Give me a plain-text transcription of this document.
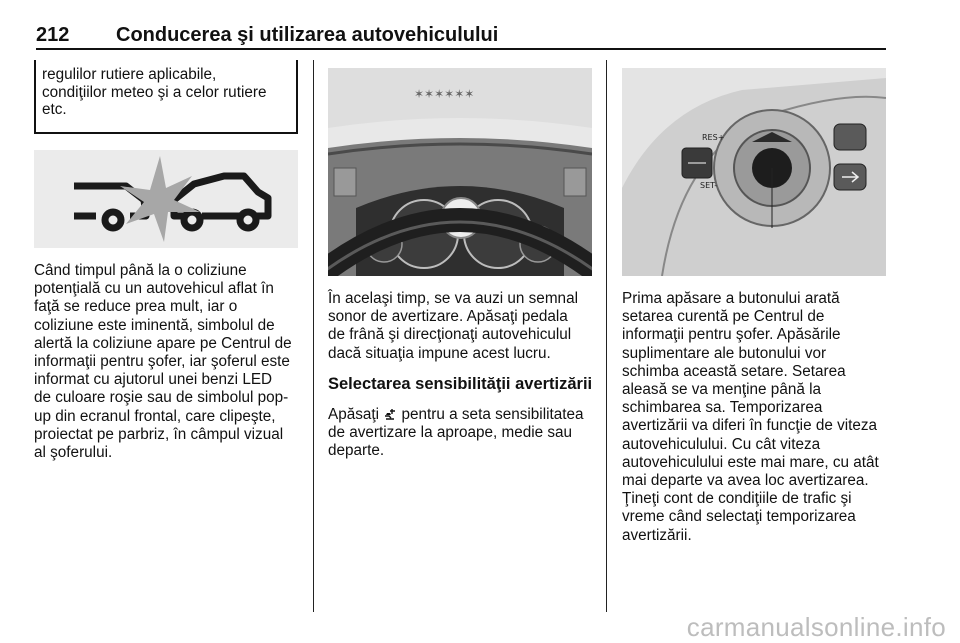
212 Conducerea şi utilizarea autovehiculului
regulilor rutiere aplicabile,
condiţiilor meteo şi a celor rutiere
etc.

Când timpul până la o coliziune

potenţială cu un autovehicul aflat în

faţă se reduce prea mult, iar o

coliziune este iminentă, simbolul de

alertă la coliziune apare pe Centrul de

informaţii pentru şofer, iar şoferul este

informat cu ajutorul unei benzi LED

de culoare roşie sau de simbolul pop-

up din ecranul frontal, care clipeşte,

proiectat pe parbriz, în câmpul vizual

al şoferului.

✶✶✶✶✶✶

În acelaşi timp, se va auzi un semnal

sonor de avertizare. Apăsaţi pedala

de frână şi direcţionaţi autovehiculul

dacă situaţia impune acest lucru.

Selectarea sensibilităţii avertizării

Apăsaţi  pentru a seta sensibilitatea

de avertizare la aproape, medie sau

departe.

RES+
SET-

Prima apăsare a butonului arată

setarea curentă pe Centrul de

informaţii pentru şofer. Apăsările

suplimentare ale butonului vor

schimba această setare. Setarea

aleasă se va menţine până la

schimbarea sa. Temporizarea

avertizării va diferi în funcţie de viteza

autovehiculului. Cu cât viteza

autovehiculului este mai mare, cu atât

mai departe va avea loc avertizarea.

Ţineţi cont de condiţiile de trafic şi

vreme când selectaţi temporizarea

avertizării.

carmanualsonline.info
